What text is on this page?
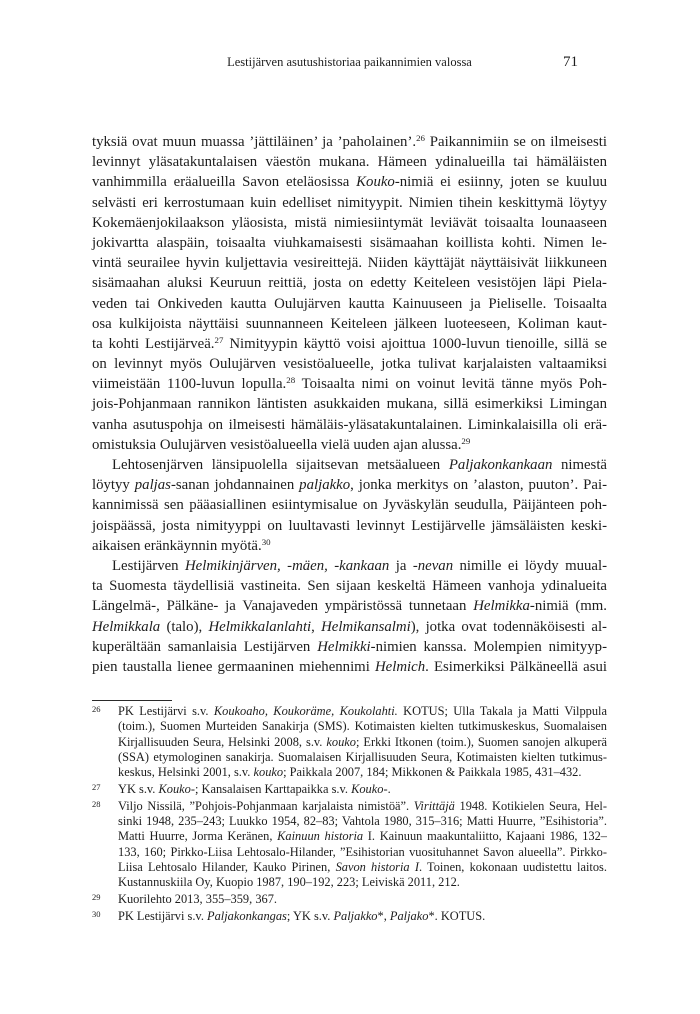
Lestijärven asutushistoriaa paikannimien valossa	71
tyksiä ovat muun muassa ’jättiläinen’ ja ’paholainen’.$^{26}$ Paikannimiin se on ilmeisesti
levinnyt yläsatakuntalaisen väestön mukana. Hämeen ydinalueilla tai hämäläisten
vanhimmilla eräalueilla Savon eteläosissa Kouko-nimiä ei esiinny, joten se kuuluu
selvästi eri kerrostumaan kuin edelliset nimityypit. Nimien tihein keskittymä löytyy
Kokemäenjokilaakson yläosista, mistä nimiesiintymät leviävät toisaalta lounaaseen
jokivartta alaspäin, toisaalta viuhkamaisesti sisämaahan koillista kohti. Nimen le-
vintä seurailee hyvin kuljettavia vesireittejä. Niiden käyttäjät näyttäisivät liikkuneen
sisämaahan aluksi Keuruun reittiä, josta on edetty Keiteleen vesistöjen läpi Piela-
veden tai Onkiveden kautta Oulujärven kautta Kainuuseen ja Pieliselle. Toisaalta
osa kulkijoista näyttäisi suunnanneen Keiteleen jälkeen luoteeseen, Koliman kaut-
ta kohti Lestijärveä.$^{27}$ Nimityypin käyttö voisi ajoittua 1000-luvun tienoille, sillä se
on levinnyt myös Oulujärven vesistöalueelle, jotka tulivat karjalaisten valtaamiksi
viimeistään 1100-luvun lopulla.$^{28}$ Toisaalta nimi on voinut levitä tänne myös Poh-
jois-Pohjanmaan rannikon läntisten asukkaiden mukana, sillä esimerkiksi Limingan
vanha asutuspohja on ilmeisesti hämäläis-yläsatakuntalainen. Liminkalaisilla oli erä-
omistuksia Oulujärven vesistöalueella vielä uuden ajan alussa.$^{29}$
Lehtosenjärven länsipuolella sijaitsevan metsäalueen Paljakonkankaan nimestä
löytyy paljas-sanan johdannainen paljakko, jonka merkitys on ’alaston, puuton’. Pai-
kannimissä sen pääasiallinen esiintymisalue on Jyväskylän seudulla, Päijänteen poh-
joispäässä, josta nimityyppi on luultavasti levinnyt Lestijärvelle jämsäläisten keski-
aikaisen eränkäynnin myötä.$^{30}$
Lestijärven Helmikinjärven, -mäen, -kankaan ja -nevan nimille ei löydy muual-
ta Suomesta täydellisiä vastineita. Sen sijaan keskeltä Hämeen vanhoja ydinalueita
Längelmä-, Pälkäne- ja Vanajaveden ympäristössä tunnetaan Helmikka-nimiä (mm.
Helmikkala (talo), Helmikkalanlahti, Helmikansalmi), jotka ovat todennäköisesti al-
kuperältään samanlaisia Lestijärven Helmikki-nimien kanssa. Molempien nimityyp-
pien taustalla lienee germaaninen miehennimi Helmich. Esimerkiksi Pälkäneellä asui
26 PK Lestijärvi s.v. Koukoaho, Koukoräme, Koukolahti. KOTUS; Ulla Takala ja Matti Vilppula
(toim.), Suomen Murteiden Sanakirja (SMS). Kotimaisten kielten tutkimuskeskus, Suomalaisen
Kirjallisuuden Seura, Helsinki 2008, s.v. kouko; Erkki Itkonen (toim.), Suomen sanojen alkuperä
(SSA) etymologinen sanakirja. Suomalaisen Kirjallisuuden Seura, Kotimaisten kielten tutkimus-
keskus, Helsinki 2001, s.v. kouko; Paikkala 2007, 184; Mikkonen & Paikkala 1985, 431–432.
27 YK s.v. Kouko-; Kansalaisen Karttapaikka s.v. Kouko-.
28 Viljo Nissilä, ”Pohjois-Pohjanmaan karjalaista nimistöä”. Virittäjä 1948. Kotikielen Seura, Hel-
sinki 1948, 235–243; Luukko 1954, 82–83; Vahtola 1980, 315–316; Matti Huurre, ”Esihistoria”.
Matti Huurre, Jorma Keränen, Kainuun historia I. Kainuun maakuntaliitto, Kajaani 1986, 132–
133, 160; Pirkko-Liisa Lehtosalo-Hilander, ”Esihistorian vuosituhannet Savon alueella”. Pirkko-
Liisa Lehtosalo Hilander, Kauko Pirinen, Savon historia I. Toinen, kokonaan uudistettu laitos.
Kustannuskiila Oy, Kuopio 1987, 190–192, 223; Leiviskä 2011, 212.
29 Kuorilehto 2013, 355–359, 367.
30 PK Lestijärvi s.v. Paljakonkangas; YK s.v. Paljakko*, Paljako*. KOTUS.
